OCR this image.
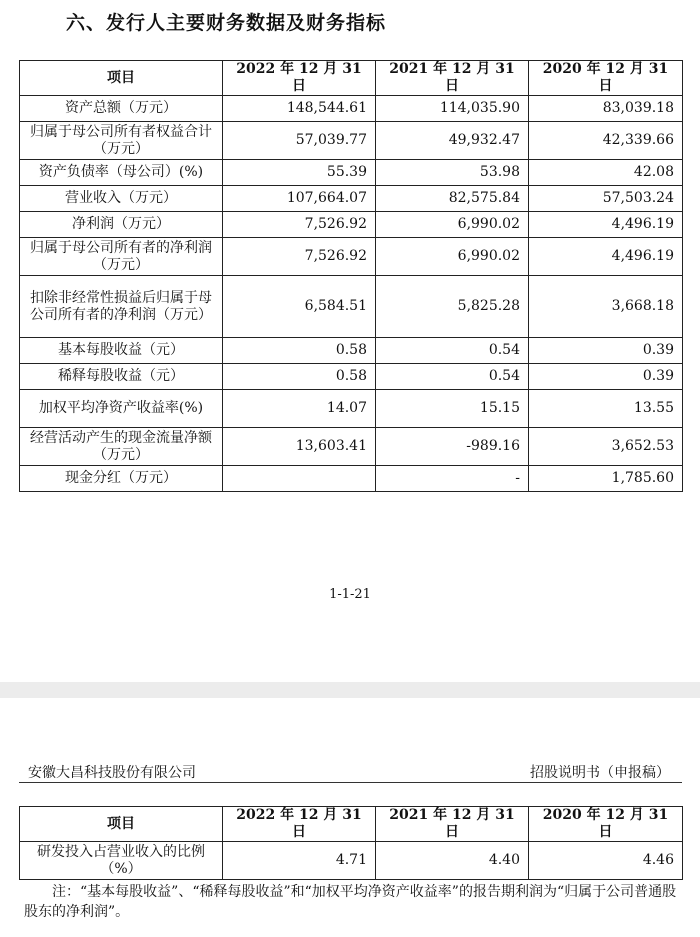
六、发行人主要财务数据及财务指标
项目	2022 年 12 月 31 日	2021 年 12 月 31 日	2020 年 12 月 31 日
资产总额（万元）	148,544.61	114,035.90	83,039.18
归属于母公司所有者权益合计（万元）	57,039.77	49,932.47	42,339.66
资产负债率（母公司）(%)	55.39	53.98	42.08
营业收入（万元）	107,664.07	82,575.84	57,503.24
净利润（万元）	7,526.92	6,990.02	4,496.19
归属于母公司所有者的净利润（万元）	7,526.92	6,990.02	4,496.19
扣除非经常性损益后归属于母公司所有者的净利润（万元）	6,584.51	5,825.28	3,668.18
基本每股收益（元）	0.58	0.54	0.39
稀释每股收益（元）	0.58	0.54	0.39
加权平均净资产收益率(%)	14.07	15.15	13.55
经营活动产生的现金流量净额（万元）	13,603.41	-989.16	3,652.53
现金分红（万元）		-	1,785.60
1-1-21
安徽大昌科技股份有限公司	招股说明书（申报稿）
项目	2022 年 12 月 31 日	2021 年 12 月 31 日	2020 年 12 月 31 日
研发投入占营业收入的比例（%）	4.71	4.40	4.46
注：“基本每股收益”、“稀释每股收益”和“加权平均净资产收益率”的报告期利润为“归属于公司普通股股东的净利润”。
